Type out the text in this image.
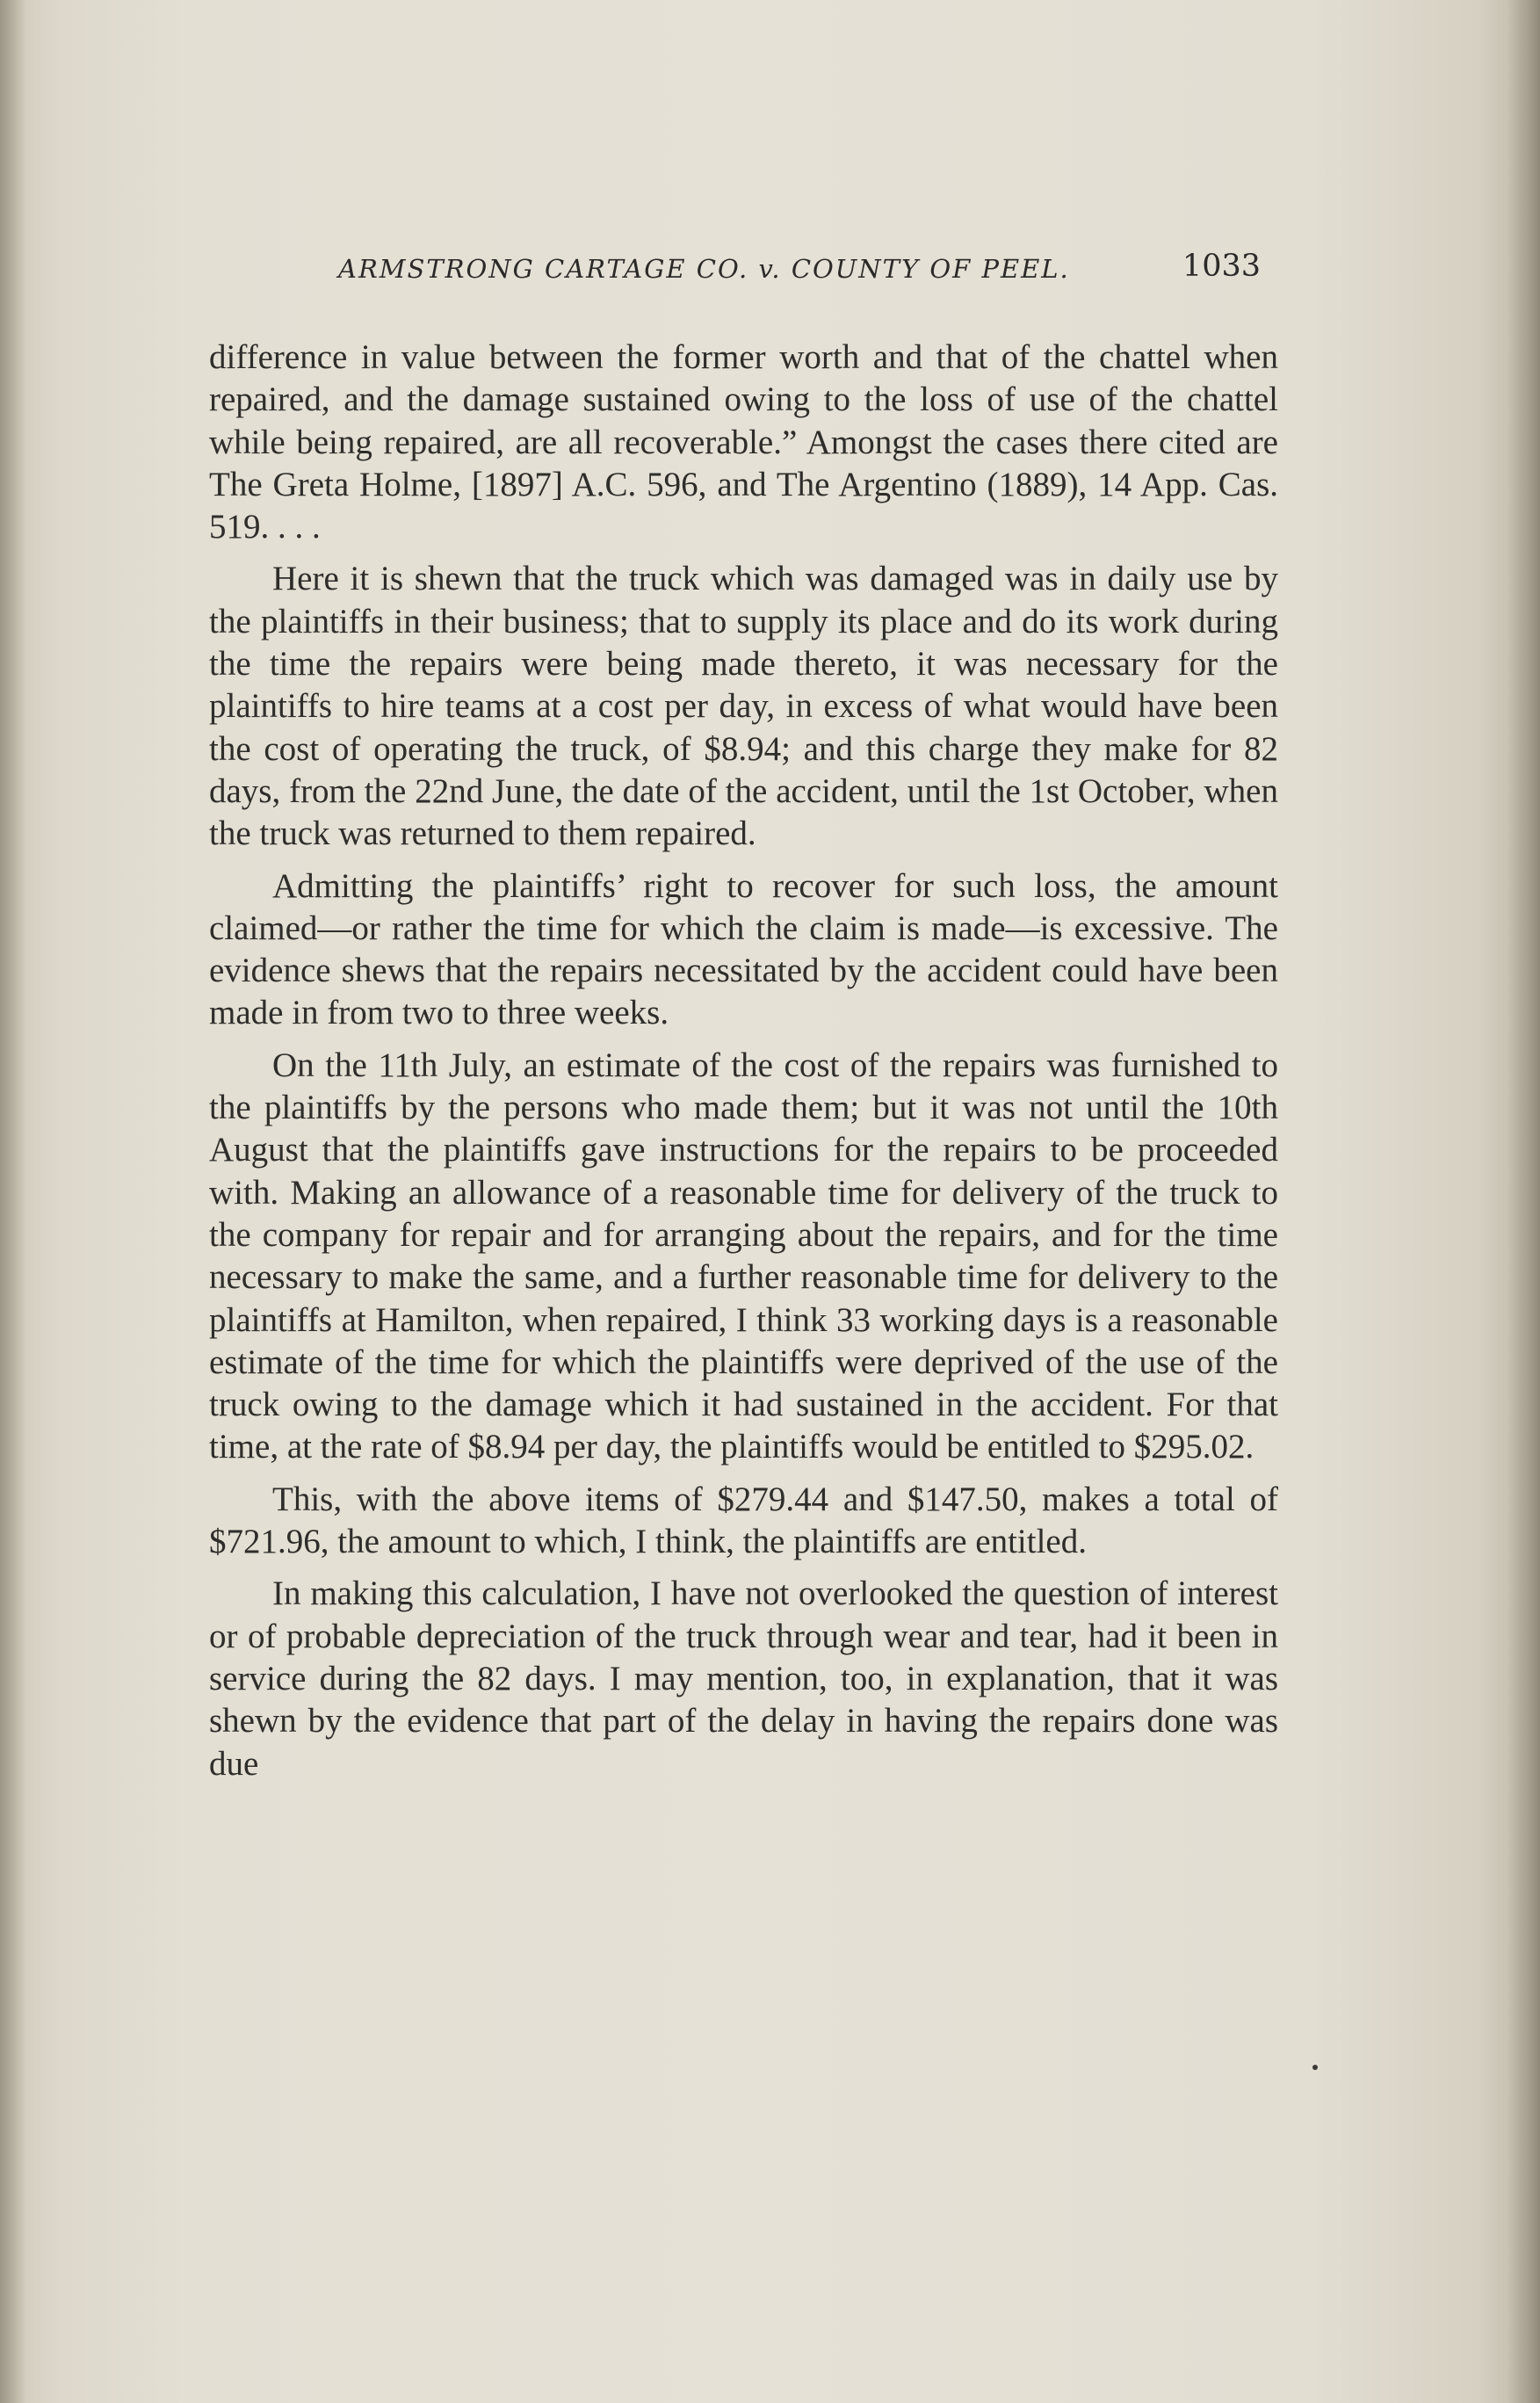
ARMSTRONG CARTAGE CO. v. COUNTY OF PEEL.	1033

difference in value between the former worth and that of the chattel when repaired, and the damage sustained owing to the loss of use of the chattel while being repaired, are all recoverable.” Amongst the cases there cited are The Greta Holme, [1897] A.C. 596, and The Argentino (1889), 14 App. Cas. 519. . . .

Here it is shewn that the truck which was damaged was in daily use by the plaintiffs in their business; that to supply its place and do its work during the time the repairs were being made thereto, it was necessary for the plaintiffs to hire teams at a cost per day, in excess of what would have been the cost of operating the truck, of $8.94; and this charge they make for 82 days, from the 22nd June, the date of the accident, until the 1st October, when the truck was returned to them repaired.

Admitting the plaintiffs’ right to recover for such loss, the amount claimed—or rather the time for which the claim is made—is excessive. The evidence shews that the repairs necessitated by the accident could have been made in from two to three weeks.

On the 11th July, an estimate of the cost of the repairs was furnished to the plaintiffs by the persons who made them; but it was not until the 10th August that the plaintiffs gave instructions for the repairs to be proceeded with. Making an allowance of a reasonable time for delivery of the truck to the company for repair and for arranging about the repairs, and for the time necessary to make the same, and a further reasonable time for delivery to the plaintiffs at Hamilton, when repaired, I think 33 working days is a reasonable estimate of the time for which the plaintiffs were deprived of the use of the truck owing to the damage which it had sustained in the accident. For that time, at the rate of $8.94 per day, the plaintiffs would be entitled to $295.02.

This, with the above items of $279.44 and $147.50, makes a total of $721.96, the amount to which, I think, the plaintiffs are entitled.

In making this calculation, I have not overlooked the question of interest or of probable depreciation of the truck through wear and tear, had it been in service during the 82 days. I may mention, too, in explanation, that it was shewn by the evidence that part of the delay in having the repairs done was due
